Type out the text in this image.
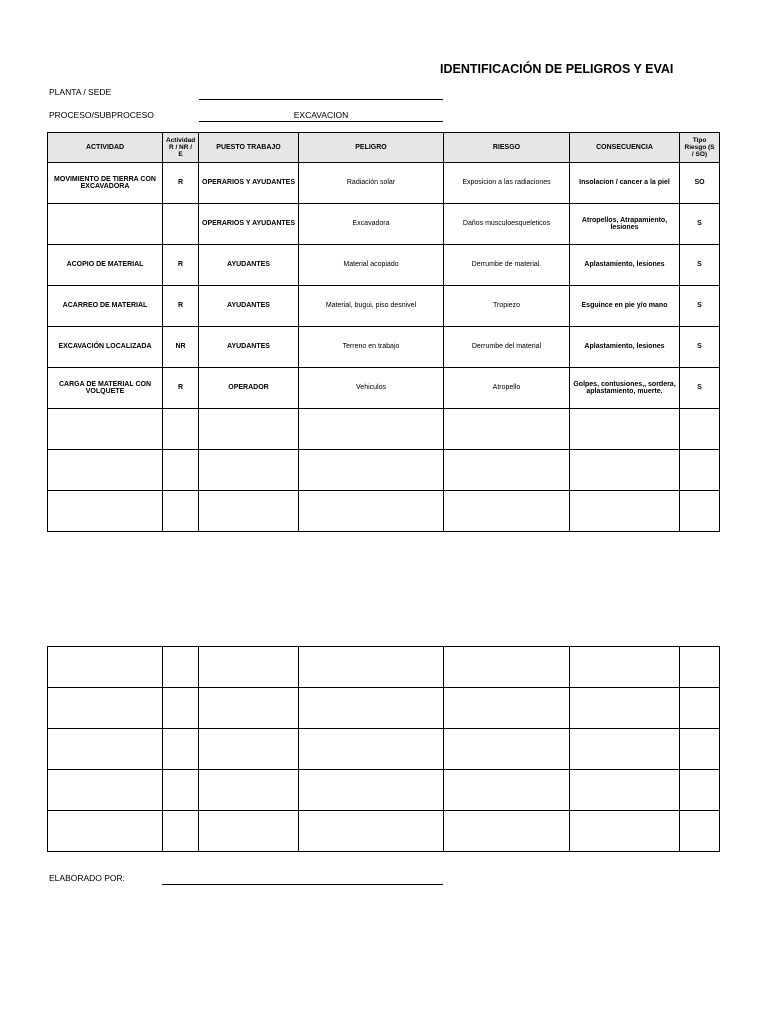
IDENTIFICACIÓN DE PELIGROS Y EVAI
PLANTA / SEDE
PROCESO/SUBPROCESO	EXCAVACION
ACTIVIDAD	Actividad R / NR / E	PUESTO TRABAJO	PELIGRO	RIESGO	CONSECUENCIA	Tipo Riesgo (S / SO)
MOVIMIENTO DE TIERRA CON EXCAVADORA	R	OPERARIOS Y AYUDANTES	Radiación solar	Exposicion a las radiaciones	Insolacion / cancer a la piel	SO
		OPERARIOS Y AYUDANTES	Excavadora	Daños musculoesqueleticos	Atropellos, Atrapamiento, lesiones	S
ACOPIO DE MATERIAL	R	AYUDANTES	Material acopiado	Derrumbe de material.	Aplastamiento, lesiones	S
ACARREO DE MATERIAL	R	AYUDANTES	Material, bugui, piso desnivel	Tropiezo	Esguince en pie y/o mano	S
EXCAVACIÓN LOCALIZADA	NR	AYUDANTES	Terreno en trabajo	Derrumbe del material	Aplastamiento, lesiones	S
CARGA DE MATERIAL CON VOLQUETE	R	OPERADOR	Vehiculos	Atropello	Golpes, contusiones,, sordera, aplastamiento, muerte.	S

ELABORADO POR:
